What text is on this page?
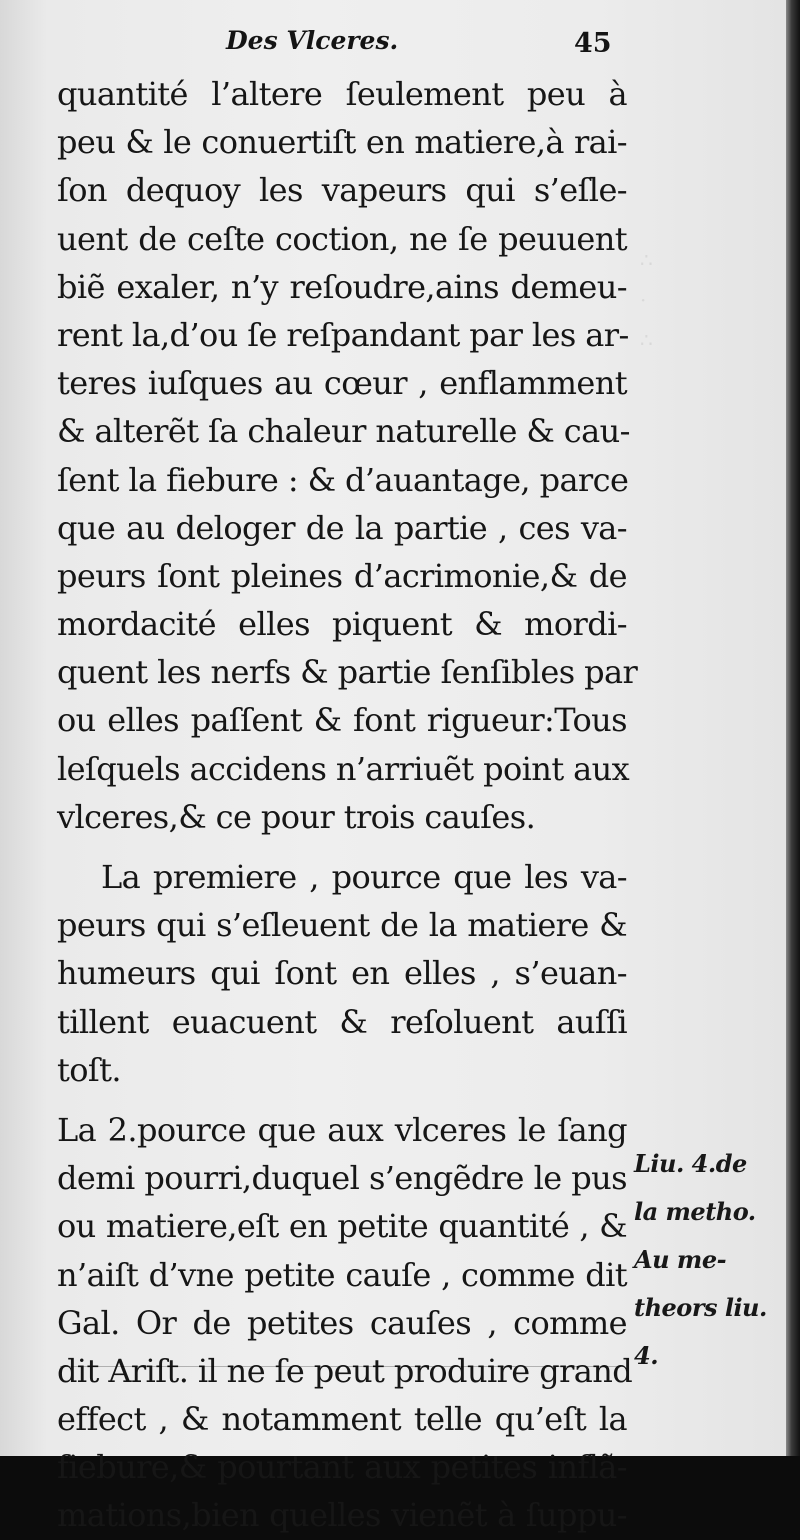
∴
·
∴
Des Vlceres.	45
quantité l’altere ſeulement peu à
peu & le conuertiſt en matiere,à rai-
ſon dequoy les vapeurs qui s’eſle-
uent de ceſte coction, ne ſe peuuent
biẽ exaler, n’y reſoudre,ains demeu-
rent la,d’ou ſe reſpandant par les ar-
teres iuſques au cœur , enflamment
& alterẽt ſa chaleur naturelle & cau-
ſent la fiebure : & d’auantage, parce
que au deloger de la partie , ces va-
peurs ſont pleines d’acrimonie,& de
mordacité elles piquent & mordi-
quent les nerfs & partie ſenſibles par
ou elles paſſent & font rigueur:Tous
leſquels accidens n’arriuẽt point aux
vlceres,& ce pour trois cauſes.
La premiere , pource que les va-
peurs qui s’eſleuent de la matiere &
humeurs qui ſont en elles , s’euan-
tillent euacuent & reſoluent auſſi
toſt.
La 2.pource que aux vlceres le ſang
demi pourri,duquel s’engẽdre le pus
ou matiere,eſt en petite quantité , &
n’aiſt d’vne petite cauſe , comme dit
Gal. Or de petites cauſes , comme
dit Ariſt. il ne ſe peut produire grand
effect , & notamment telle qu’eſt la
fiebure,& pourtant aux petites inflã-
mations,bien quelles vienẽt à ſuppu-
Liu. 4.de
la metho.
Au me-
theors liu.
4.
